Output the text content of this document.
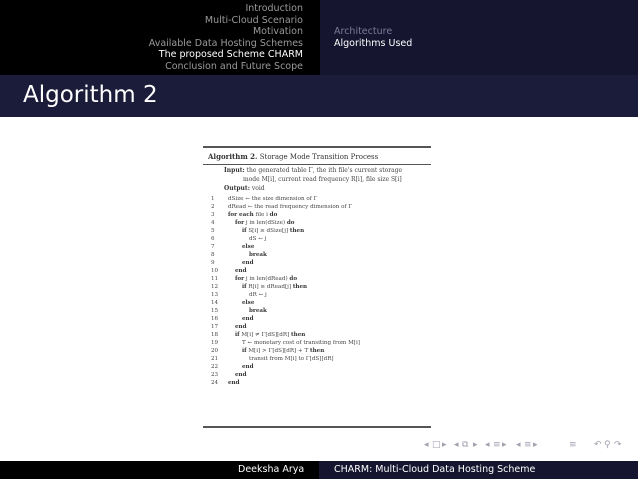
Introduction
Multi-Cloud Scenario
Motivation
Available Data Hosting Schemes
The proposed Scheme CHARM
Conclusion and Future Scope
Architecture
Algorithms Used
Algorithm 2
Algorithm 2. Storage Mode Transition Process
Input: the generated table Γ, the ith file's current storage
mode M[i], current read frequency R[i], file size S[i]
Output: void
1	dSize ← the size dimension of Γ
2	dRead ← the read frequency dimension of Γ
3	for each file i do
4	for j in len(dSize) do
5	if S[i] ≥ dSize[j] then
6	dS ← j
7	else
8	break
9	end
10	end
11	for j in len(dRead) do
12	if R[i] ≥ dRead[j] then
13	dR ← j
14	else
15	break
16	end
17	end
18	if M[i] ≠ Γ[dS][dR] then
19	T ← monetary cost of transiting from M[i]
20	if M[i] > Γ[dS][dR] + T then
21	transit from M[i] to Γ[dS][dR]
22	end
23	end
24	end
◂ □ ▸ ◂ ⧉ ▸ ◂ ≡ ▸ ◂ ≡ ▸	≡ ↶ ⚲ ↷
Deeksha Arya	CHARM: Multi-Cloud Data Hosting Scheme
